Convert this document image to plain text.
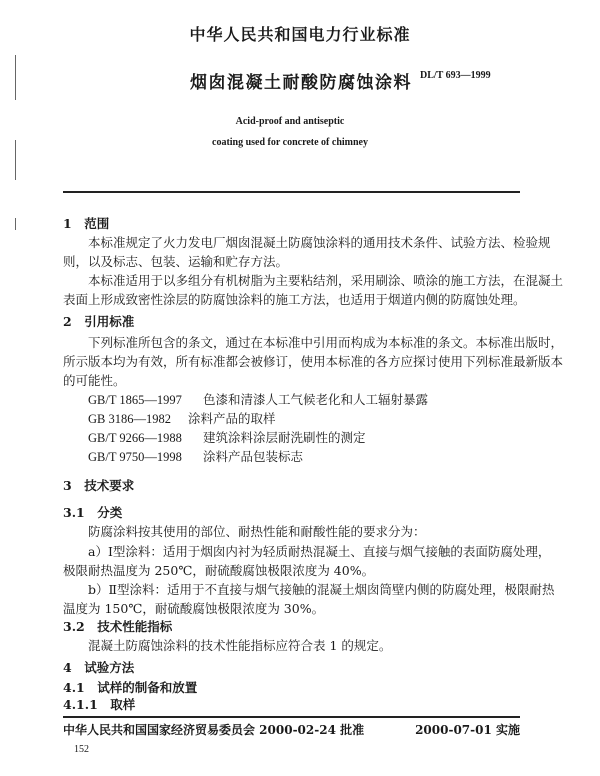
中华人民共和国电力行业标准
烟囱混凝土耐酸防腐蚀涂料 DL/T 693—1999
Acid-proof and antiseptic
coating used for concrete of chimney
1　范围
本标准规定了火力发电厂烟囱混凝土防腐蚀涂料的通用技术条件、试验方法、检验规
则，以及标志、包装、运输和贮存方法。
本标准适用于以多组分有机树脂为主要粘结剂，采用刷涂、喷涂的施工方法，在混凝土
表面上形成致密性涂层的防腐蚀涂料的施工方法，也适用于烟道内侧的防腐蚀处理。
2　引用标准
下列标准所包含的条文，通过在本标准中引用而构成为本标准的条文。本标准出版时，
所示版本均为有效，所有标准都会被修订，使用本标准的各方应探讨使用下列标准最新版本
的可能性。
GB/T 1865—1997 色漆和清漆人工气候老化和人工辐射暴露
GB 3186—1982 涂料产品的取样
GB/T 9266—1988 建筑涂料涂层耐洗刷性的测定
GB/T 9750—1998 涂料产品包装标志
3　技术要求
3.1　分类
防腐涂料按其使用的部位、耐热性能和耐酸性能的要求分为：
a）Ⅰ型涂料：适用于烟囱内衬为轻质耐热混凝土、直接与烟气接触的表面防腐处理，
极限耐热温度为 250℃，耐硫酸腐蚀极限浓度为 40%。
b）Ⅱ型涂料：适用于不直接与烟气接触的混凝土烟囱筒壁内侧的防腐处理，极限耐热
温度为 150℃，耐硫酸腐蚀极限浓度为 30%。
3.2　技术性能指标
混凝土防腐蚀涂料的技术性能指标应符合表 1 的规定。
4　试验方法
4.1　试样的制备和放置
4.1.1　取样
中华人民共和国国家经济贸易委员会 2000-02-24 批准	2000-07-01 实施
152
